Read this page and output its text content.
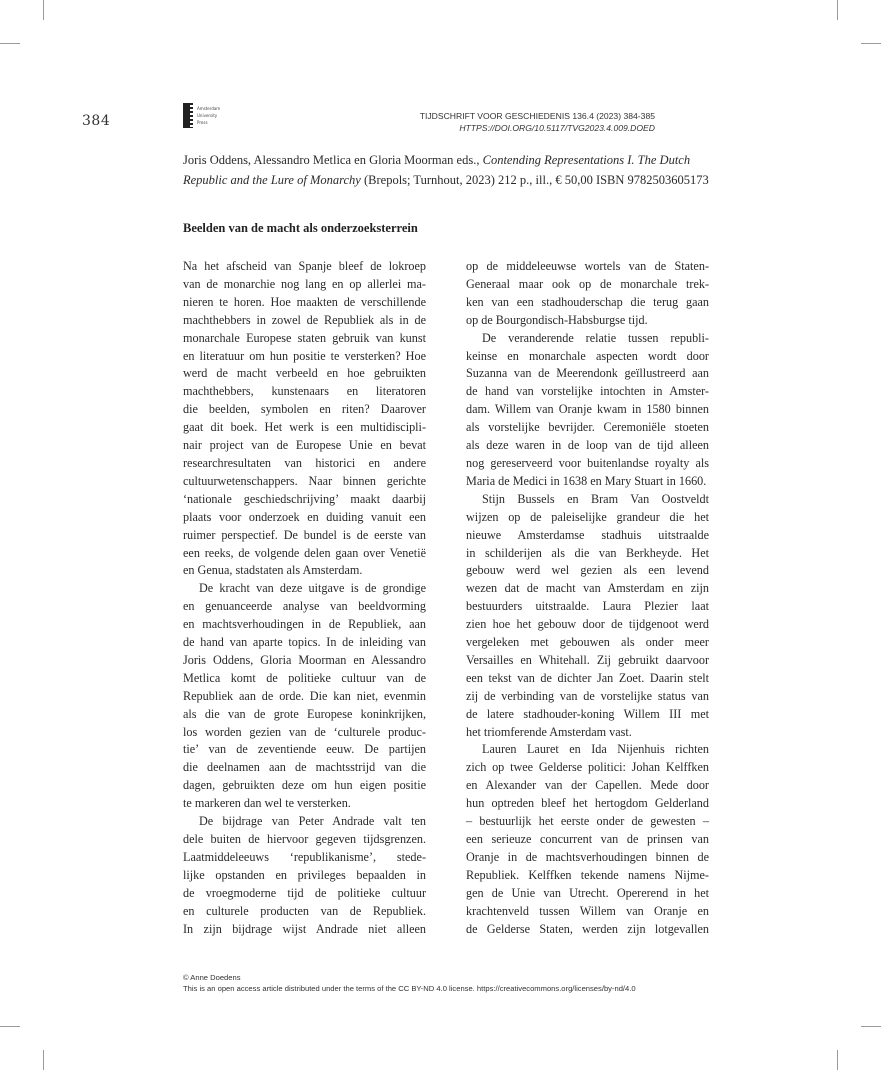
384
Amsterdam
University
Press
TIJDSCHRIFT VOOR GESCHIEDENIS 136.4 (2023) 384-385
HTTPS://DOI.ORG/10.5117/TVG2023.4.009.DOED
Joris Oddens, Alessandro Metlica en Gloria Moorman eds., Contending Representations I. The Dutch Republic and the Lure of Monarchy (Brepols; Turnhout, 2023) 212 p., ill., € 50,00 ISBN 9782503605173
Beelden van de macht als onderzoeksterrein

Na het afscheid van Spanje bleef de lokroep
van de monarchie nog lang en op allerlei ma-
nieren te horen. Hoe maakten de verschillende
machthebbers in zowel de Republiek als in de
monarchale Europese staten gebruik van kunst
en literatuur om hun positie te versterken? Hoe
werd de macht verbeeld en hoe gebruikten
machthebbers, kunstenaars en literatoren
die beelden, symbolen en riten? Daarover
gaat dit boek. Het werk is een multidiscipli-
nair project van de Europese Unie en bevat
researchresultaten van historici en andere
cultuurwetenschappers. Naar binnen gerichte
‘nationale geschiedschrijving’ maakt daarbij
plaats voor onderzoek en duiding vanuit een
ruimer perspectief. De bundel is de eerste van
een reeks, de volgende delen gaan over Venetië
en Genua, stadstaten als Amsterdam.

De kracht van deze uitgave is de grondige
en genuanceerde analyse van beeldvorming
en machtsverhoudingen in de Republiek, aan
de hand van aparte topics. In de inleiding van
Joris Oddens, Gloria Moorman en Alessandro
Metlica komt de politieke cultuur van de
Republiek aan de orde. Die kan niet, evenmin
als die van de grote Europese koninkrijken,
los worden gezien van de ‘culturele produc-
tie’ van de zeventiende eeuw. De partijen
die deelnamen aan de machtsstrijd van die
dagen, gebruikten deze om hun eigen positie
te markeren dan wel te versterken.

De bijdrage van Peter Andrade valt ten
dele buiten de hiervoor gegeven tijdsgrenzen.
Laatmiddeleeuws ‘republikanisme’, stede-
lijke opstanden en privileges bepaalden in
de vroegmoderne tijd de politieke cultuur
en culturele producten van de Republiek.
In zijn bijdrage wijst Andrade niet alleen

op de middeleeuwse wortels van de Staten-
Generaal maar ook op de monarchale trek-
ken van een stadhouderschap die terug gaan
op de Bourgondisch-Habsburgse tijd.

De veranderende relatie tussen republi-
keinse en monarchale aspecten wordt door
Suzanna van de Meerendonk geïllustreerd aan
de hand van vorstelijke intochten in Amster-
dam. Willem van Oranje kwam in 1580 binnen
als vorstelijke bevrijder. Ceremoniële stoeten
als deze waren in de loop van de tijd alleen
nog gereserveerd voor buitenlandse royalty als
Maria de Medici in 1638 en Mary Stuart in 1660.

Stijn Bussels en Bram Van Oostveldt
wijzen op de paleiselijke grandeur die het
nieuwe Amsterdamse stadhuis uitstraalde
in schilderijen als die van Berkheyde. Het
gebouw werd wel gezien als een levend
wezen dat de macht van Amsterdam en zijn
bestuurders uitstraalde. Laura Plezier laat
zien hoe het gebouw door de tijdgenoot werd
vergeleken met gebouwen als onder meer
Versailles en Whitehall. Zij gebruikt daarvoor
een tekst van de dichter Jan Zoet. Daarin stelt
zij de verbinding van de vorstelijke status van
de latere stadhouder-koning Willem III met
het triomferende Amsterdam vast.

Lauren Lauret en Ida Nijenhuis richten
zich op twee Gelderse politici: Johan Kelffken
en Alexander van der Capellen. Mede door
hun optreden bleef het hertogdom Gelderland
– bestuurlijk het eerste onder de gewesten –
een serieuze concurrent van de prinsen van
Oranje in de machtsverhoudingen binnen de
Republiek. Kelffken tekende namens Nijme-
gen de Unie van Utrecht. Opererend in het
krachtenveld tussen Willem van Oranje en
de Gelderse Staten, werden zijn lotgevallen

© Anne Doedens
This is an open access article distributed under the terms of the CC BY-ND 4.0 license. https://creativecommons.org/licenses/by-nd/4.0
